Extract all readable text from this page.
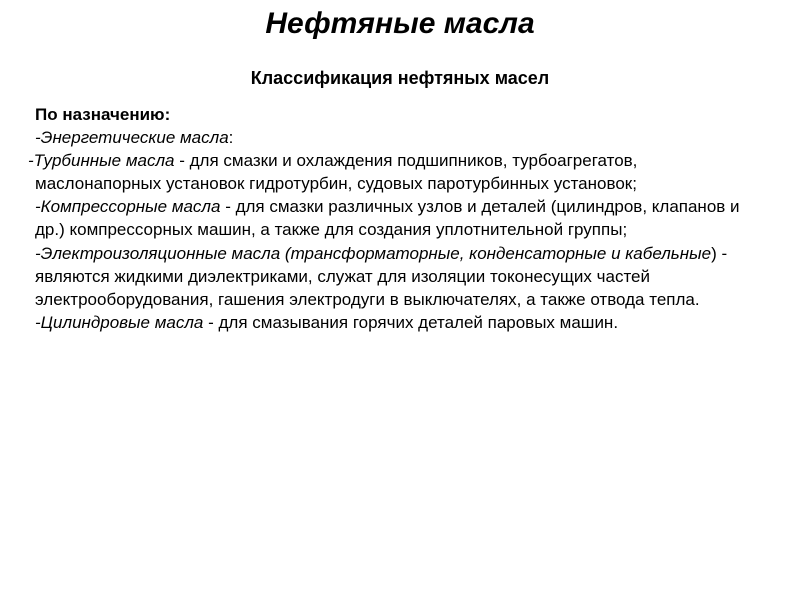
Нефтяные масла
Классификация нефтяных масел
По назначению:
-Энергетические масла:
-Турбинные масла - для смазки и охлаждения подшипников, турбоагрегатов, маслонапорных установок гидротурбин, судовых паротурбинных установок;
-Компрессорные масла - для смазки различных узлов и деталей (цилиндров, клапанов и др.) компрессорных машин, а также для создания уплотнительной группы;
-Электроизоляционные масла (трансформаторные, конденсаторные и кабельные) - являются жидкими диэлектриками, служат для изоляции токонесущих частей электрооборудования, гашения электродуги в выключателях, а также отвода тепла.
-Цилиндровые масла - для смазывания горячих деталей паровых машин.
